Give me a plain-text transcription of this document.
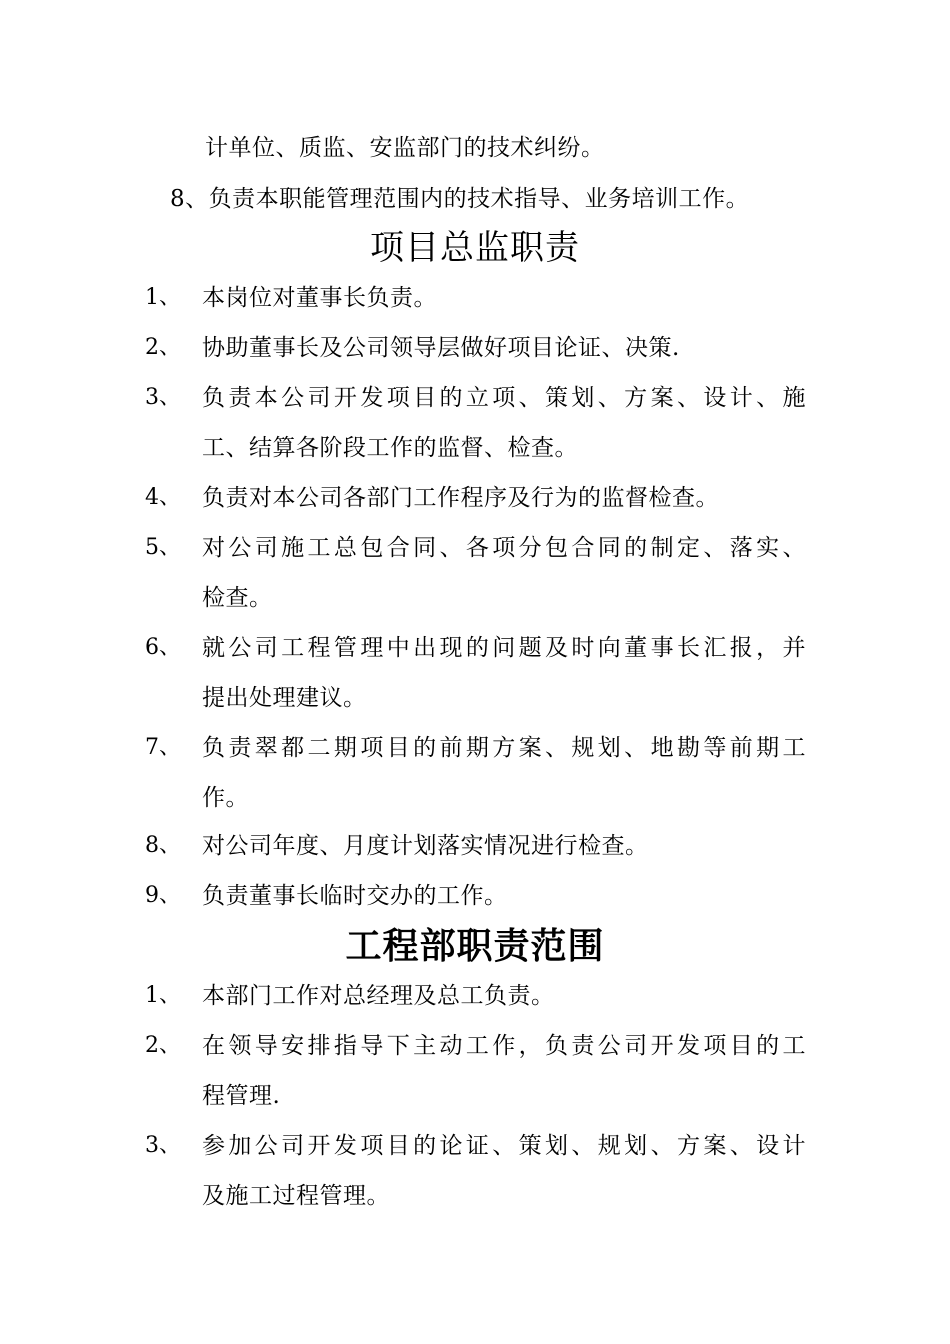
计单位、质监、安监部门的技术纠纷。
8、负责本职能管理范围内的技术指导、业务培训工作。
项目总监职责
1、 本岗位对董事长负责。
2、 协助董事长及公司领导层做好项目论证、决策.
3、 负责本公司开发项目的立项、策划、方案、设计、施
工、结算各阶段工作的监督、检查。
4、 负责对本公司各部门工作程序及行为的监督检查。
5、 对公司施工总包合同、各项分包合同的制定、落实、
检查。
6、 就公司工程管理中出现的问题及时向董事长汇报，并
提出处理建议。
7、 负责翠都二期项目的前期方案、规划、地勘等前期工
作。
8、 对公司年度、月度计划落实情况进行检查。
9、 负责董事长临时交办的工作。
工程部职责范围
1、 本部门工作对总经理及总工负责。
2、 在领导安排指导下主动工作，负责公司开发项目的工
程管理.
3、 参加公司开发项目的论证、策划、规划、方案、设计
及施工过程管理。
